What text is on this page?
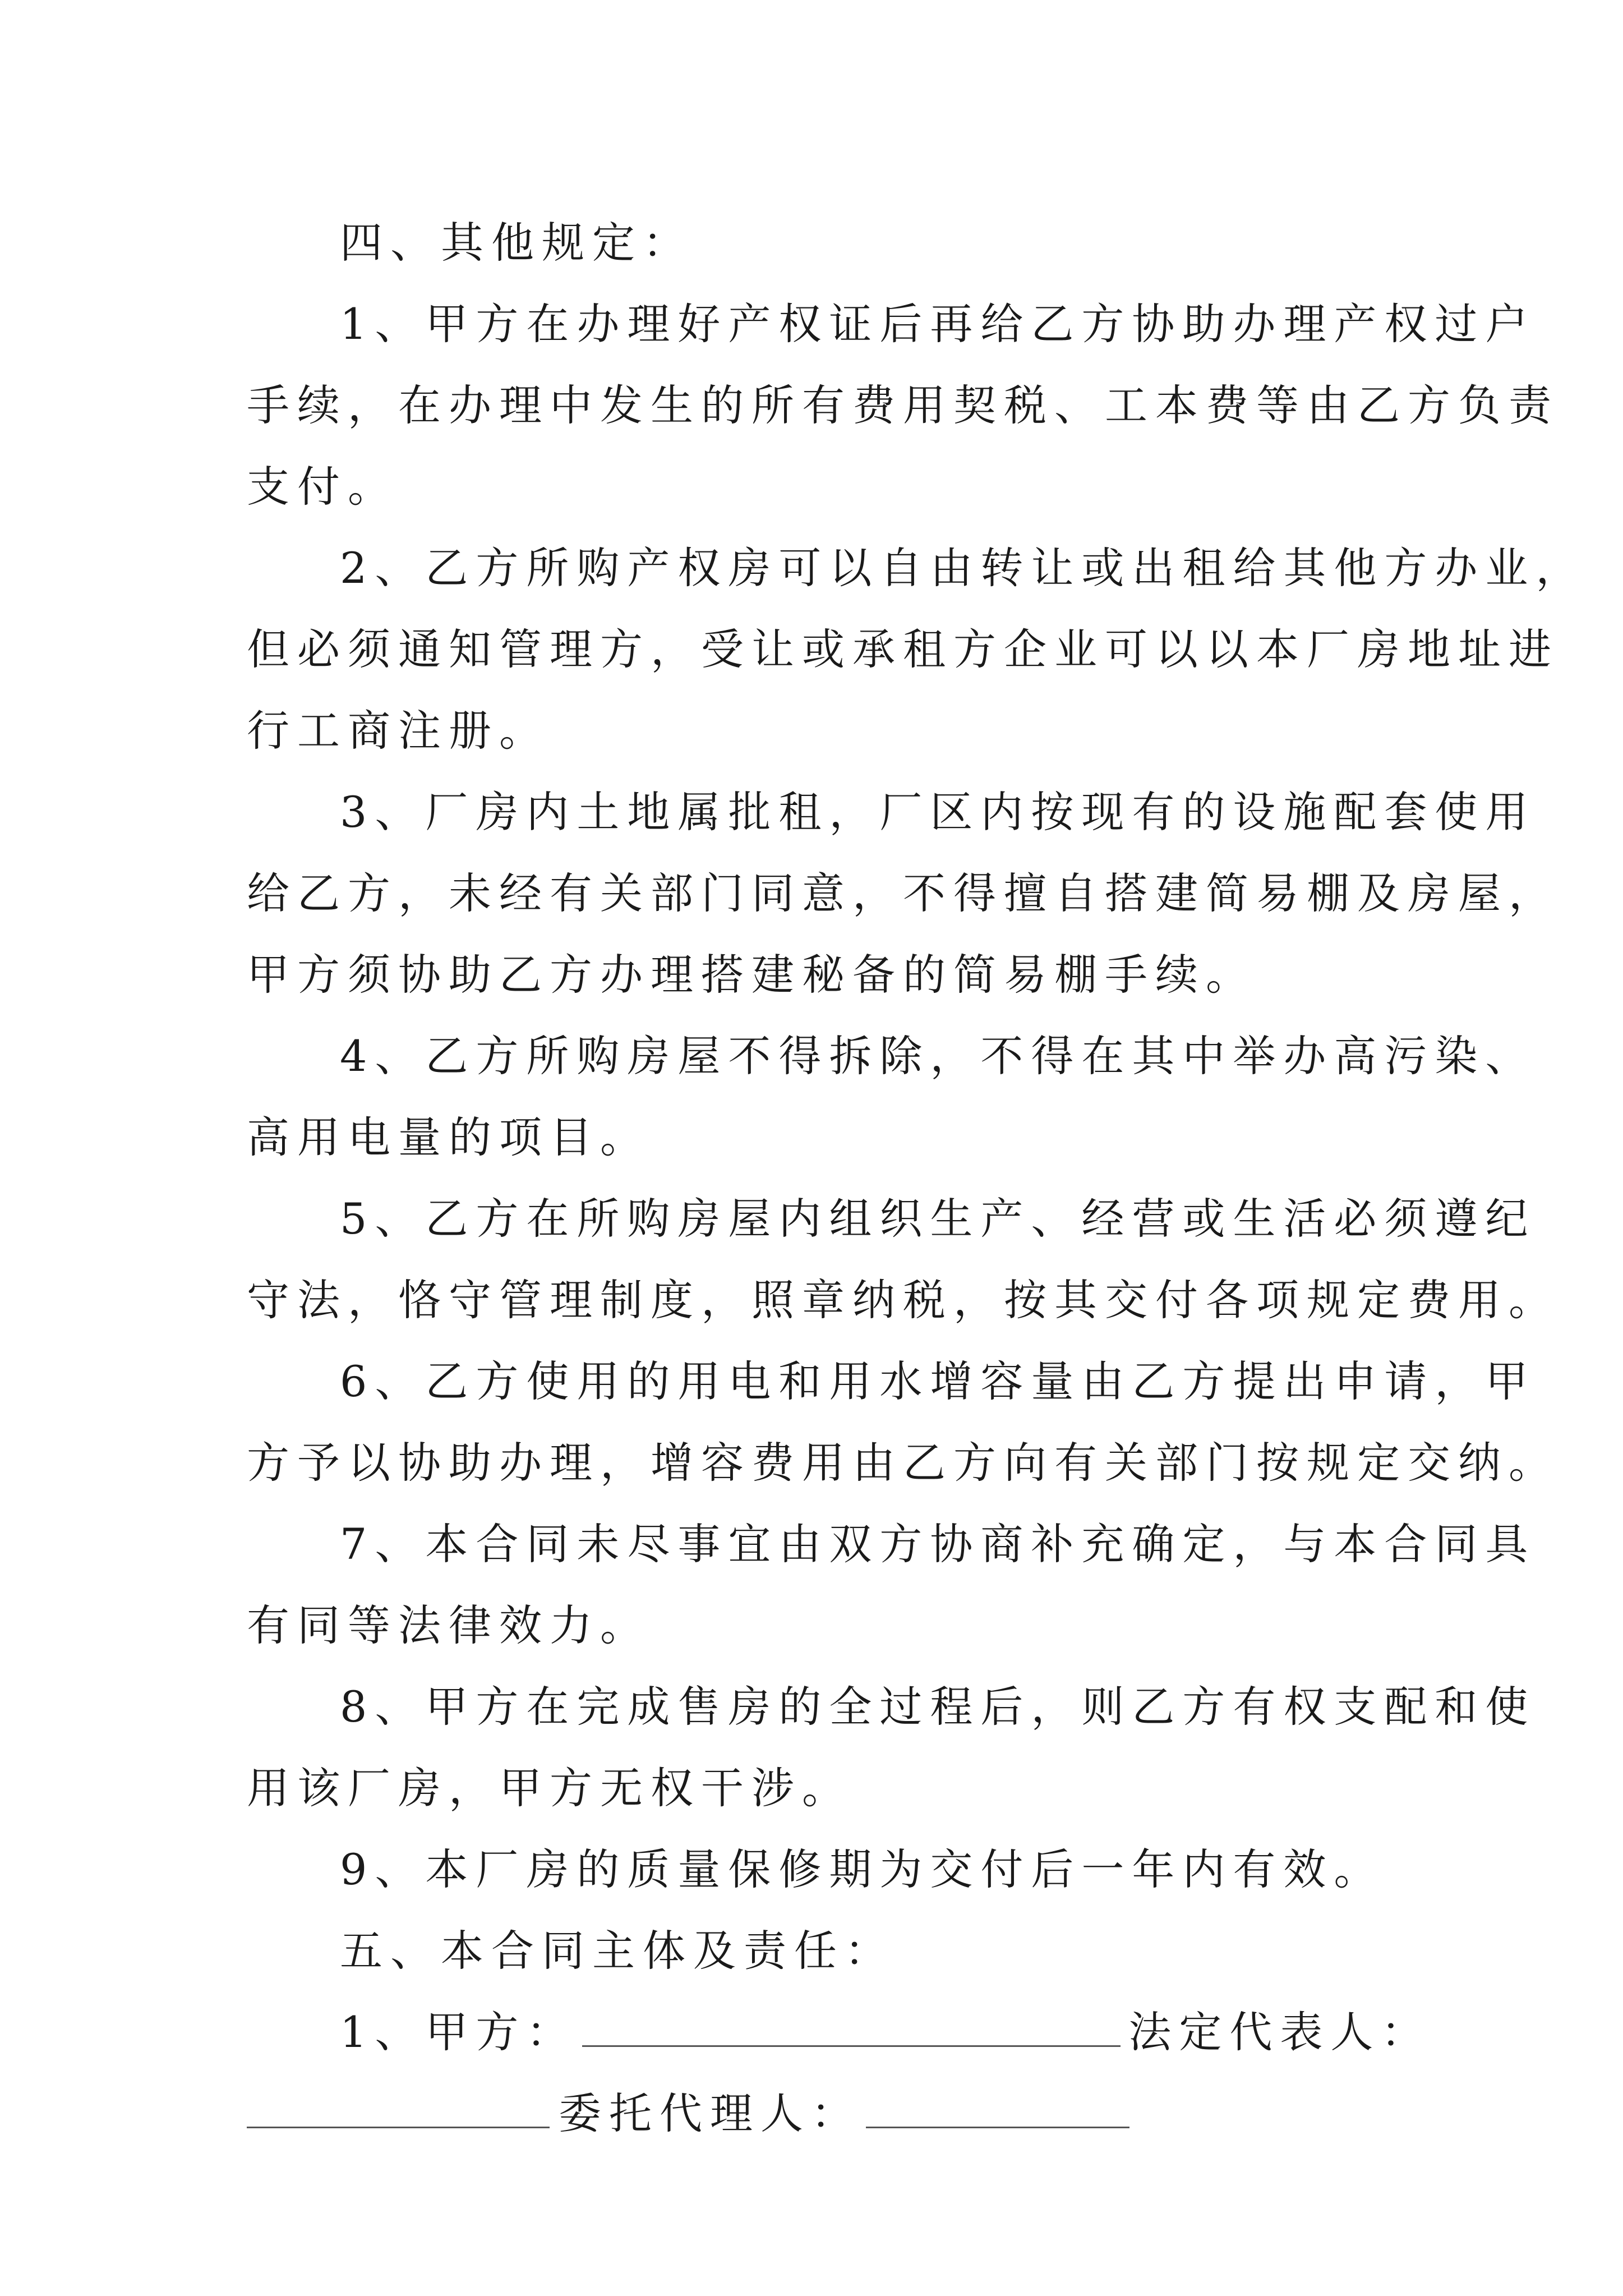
四、其他规定：

1、甲方在办理好产权证后再给乙方协助办理产权过户

手续，在办理中发生的所有费用契税、工本费等由乙方负责

支付。

2、乙方所购产权房可以自由转让或出租给其他方办业，

但必须通知管理方，受让或承租方企业可以以本厂房地址进

行工商注册。

3、厂房内土地属批租，厂区内按现有的设施配套使用

给乙方，未经有关部门同意，不得擅自搭建简易棚及房屋，

甲方须协助乙方办理搭建秘备的简易棚手续。

4、乙方所购房屋不得拆除，不得在其中举办高污染、

高用电量的项目。

5、乙方在所购房屋内组织生产、经营或生活必须遵纪

守法，恪守管理制度，照章纳税，按其交付各项规定费用。

6、乙方使用的用电和用水增容量由乙方提出申请，甲

方予以协助办理，增容费用由乙方向有关部门按规定交纳。

7、本合同未尽事宜由双方协商补充确定，与本合同具

有同等法律效力。

8、甲方在完成售房的全过程后，则乙方有权支配和使

用该厂房，甲方无权干涉。

9、本厂房的质量保修期为交付后一年内有效。

五、本合同主体及责任：

1、甲方：	法定代表人：

委托代理人：
